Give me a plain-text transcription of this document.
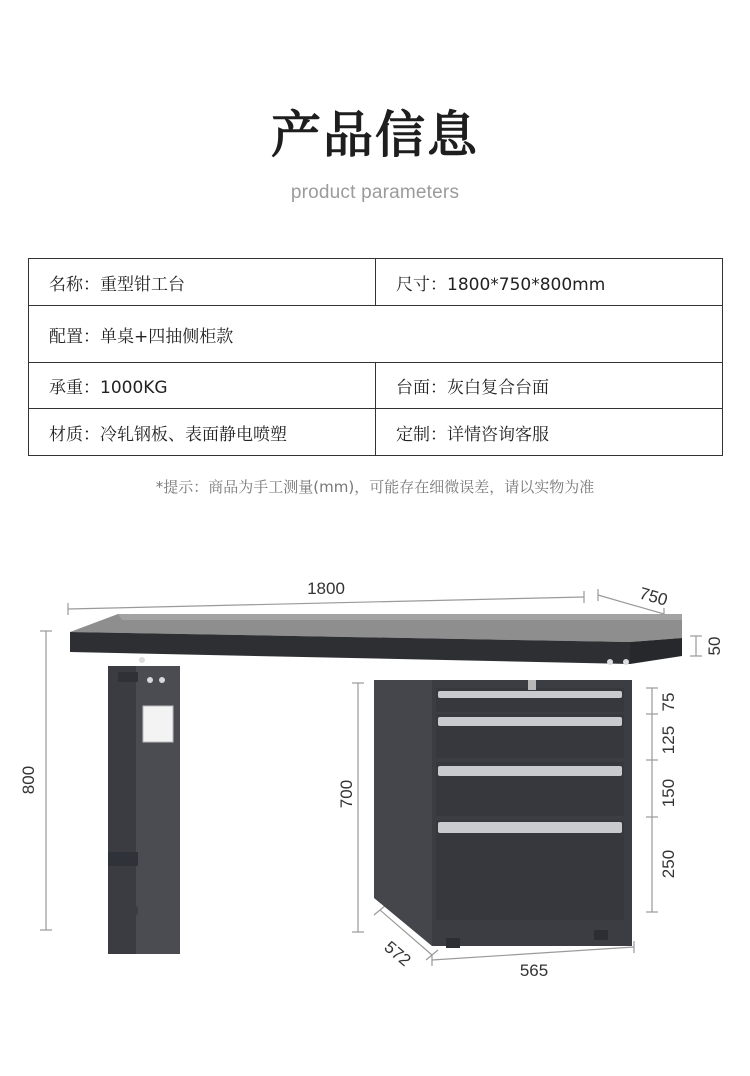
产品信息
product parameters
名称：重型钳工台	尺寸：1800*750*800mm
配置：单桌+四抽侧柜款	
承重：1000KG	台面：灰白复合台面
材质：冷轧钢板、表面静电喷塑	定制：详情咨询客服
*提示：商品为手工测量(mm)，可能存在细微误差，请以实物为准
1800	750
50
800	700
75
125
150
250
572
565
